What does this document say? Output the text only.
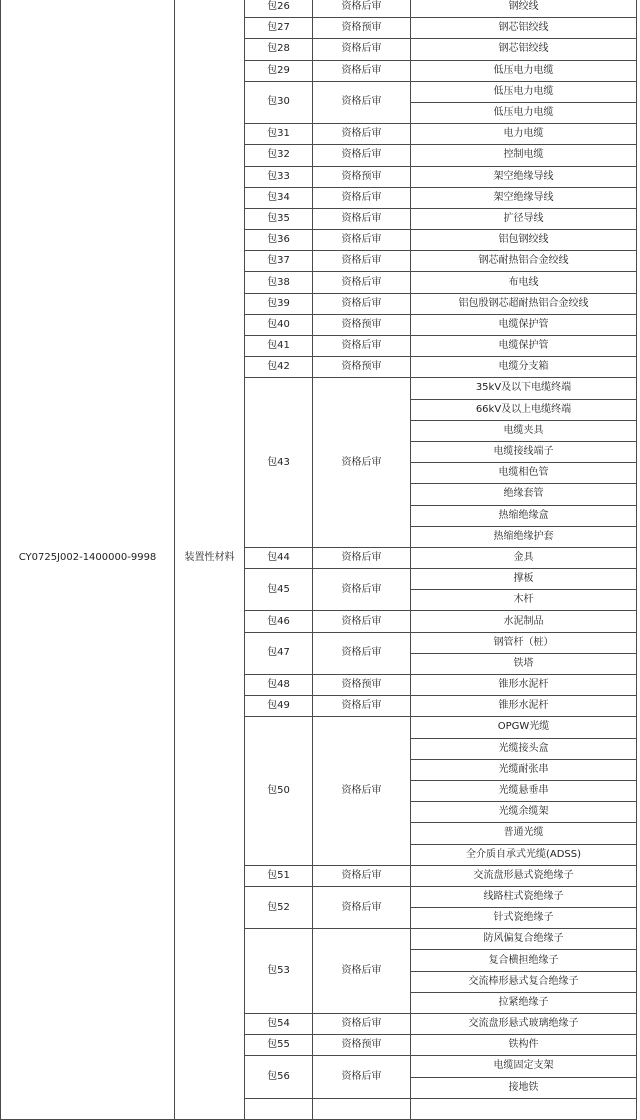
CY0725J002-1400000-9998	装置性材料	包26	资格后审	钢绞线
		包27	资格预审	钢芯铝绞线
		包28	资格后审	钢芯铝绞线
		包29	资格后审	低压电力电缆
		包30	资格后审	低压电力电缆
				低压电力电缆
		包31	资格后审	电力电缆
		包32	资格后审	控制电缆
		包33	资格预审	架空绝缘导线
		包34	资格后审	架空绝缘导线
		包35	资格后审	扩径导线
		包36	资格后审	铝包钢绞线
		包37	资格后审	钢芯耐热铝合金绞线
		包38	资格后审	布电线
		包39	资格后审	铝包殷钢芯超耐热铝合金绞线
		包40	资格预审	电缆保护管
		包41	资格后审	电缆保护管
		包42	资格预审	电缆分支箱
		包43	资格后审	35kV及以下电缆终端
				66kV及以上电缆终端
				电缆夹具
				电缆接线端子
				电缆相色管
				绝缘套管
				热缩绝缘盒
				热缩绝缘护套
		包44	资格后审	金具
		包45	资格后审	撑板
				木杆
		包46	资格后审	水泥制品
		包47	资格后审	钢管杆（桩）
				铁塔
		包48	资格预审	锥形水泥杆
		包49	资格后审	锥形水泥杆
		包50	资格后审	OPGW光缆
				光缆接头盒
				光缆耐张串
				光缆悬垂串
				光缆余缆架
				普通光缆
				全介质自承式光缆(ADSS)
		包51	资格后审	交流盘形悬式瓷绝缘子
		包52	资格后审	线路柱式瓷绝缘子
				针式瓷绝缘子
		包53	资格后审	防风偏复合绝缘子
				复合横担绝缘子
				交流棒形悬式复合绝缘子
				拉紧绝缘子
		包54	资格后审	交流盘形悬式玻璃绝缘子
		包55	资格预审	铁构件
		包56	资格后审	电缆固定支架
				接地铁
